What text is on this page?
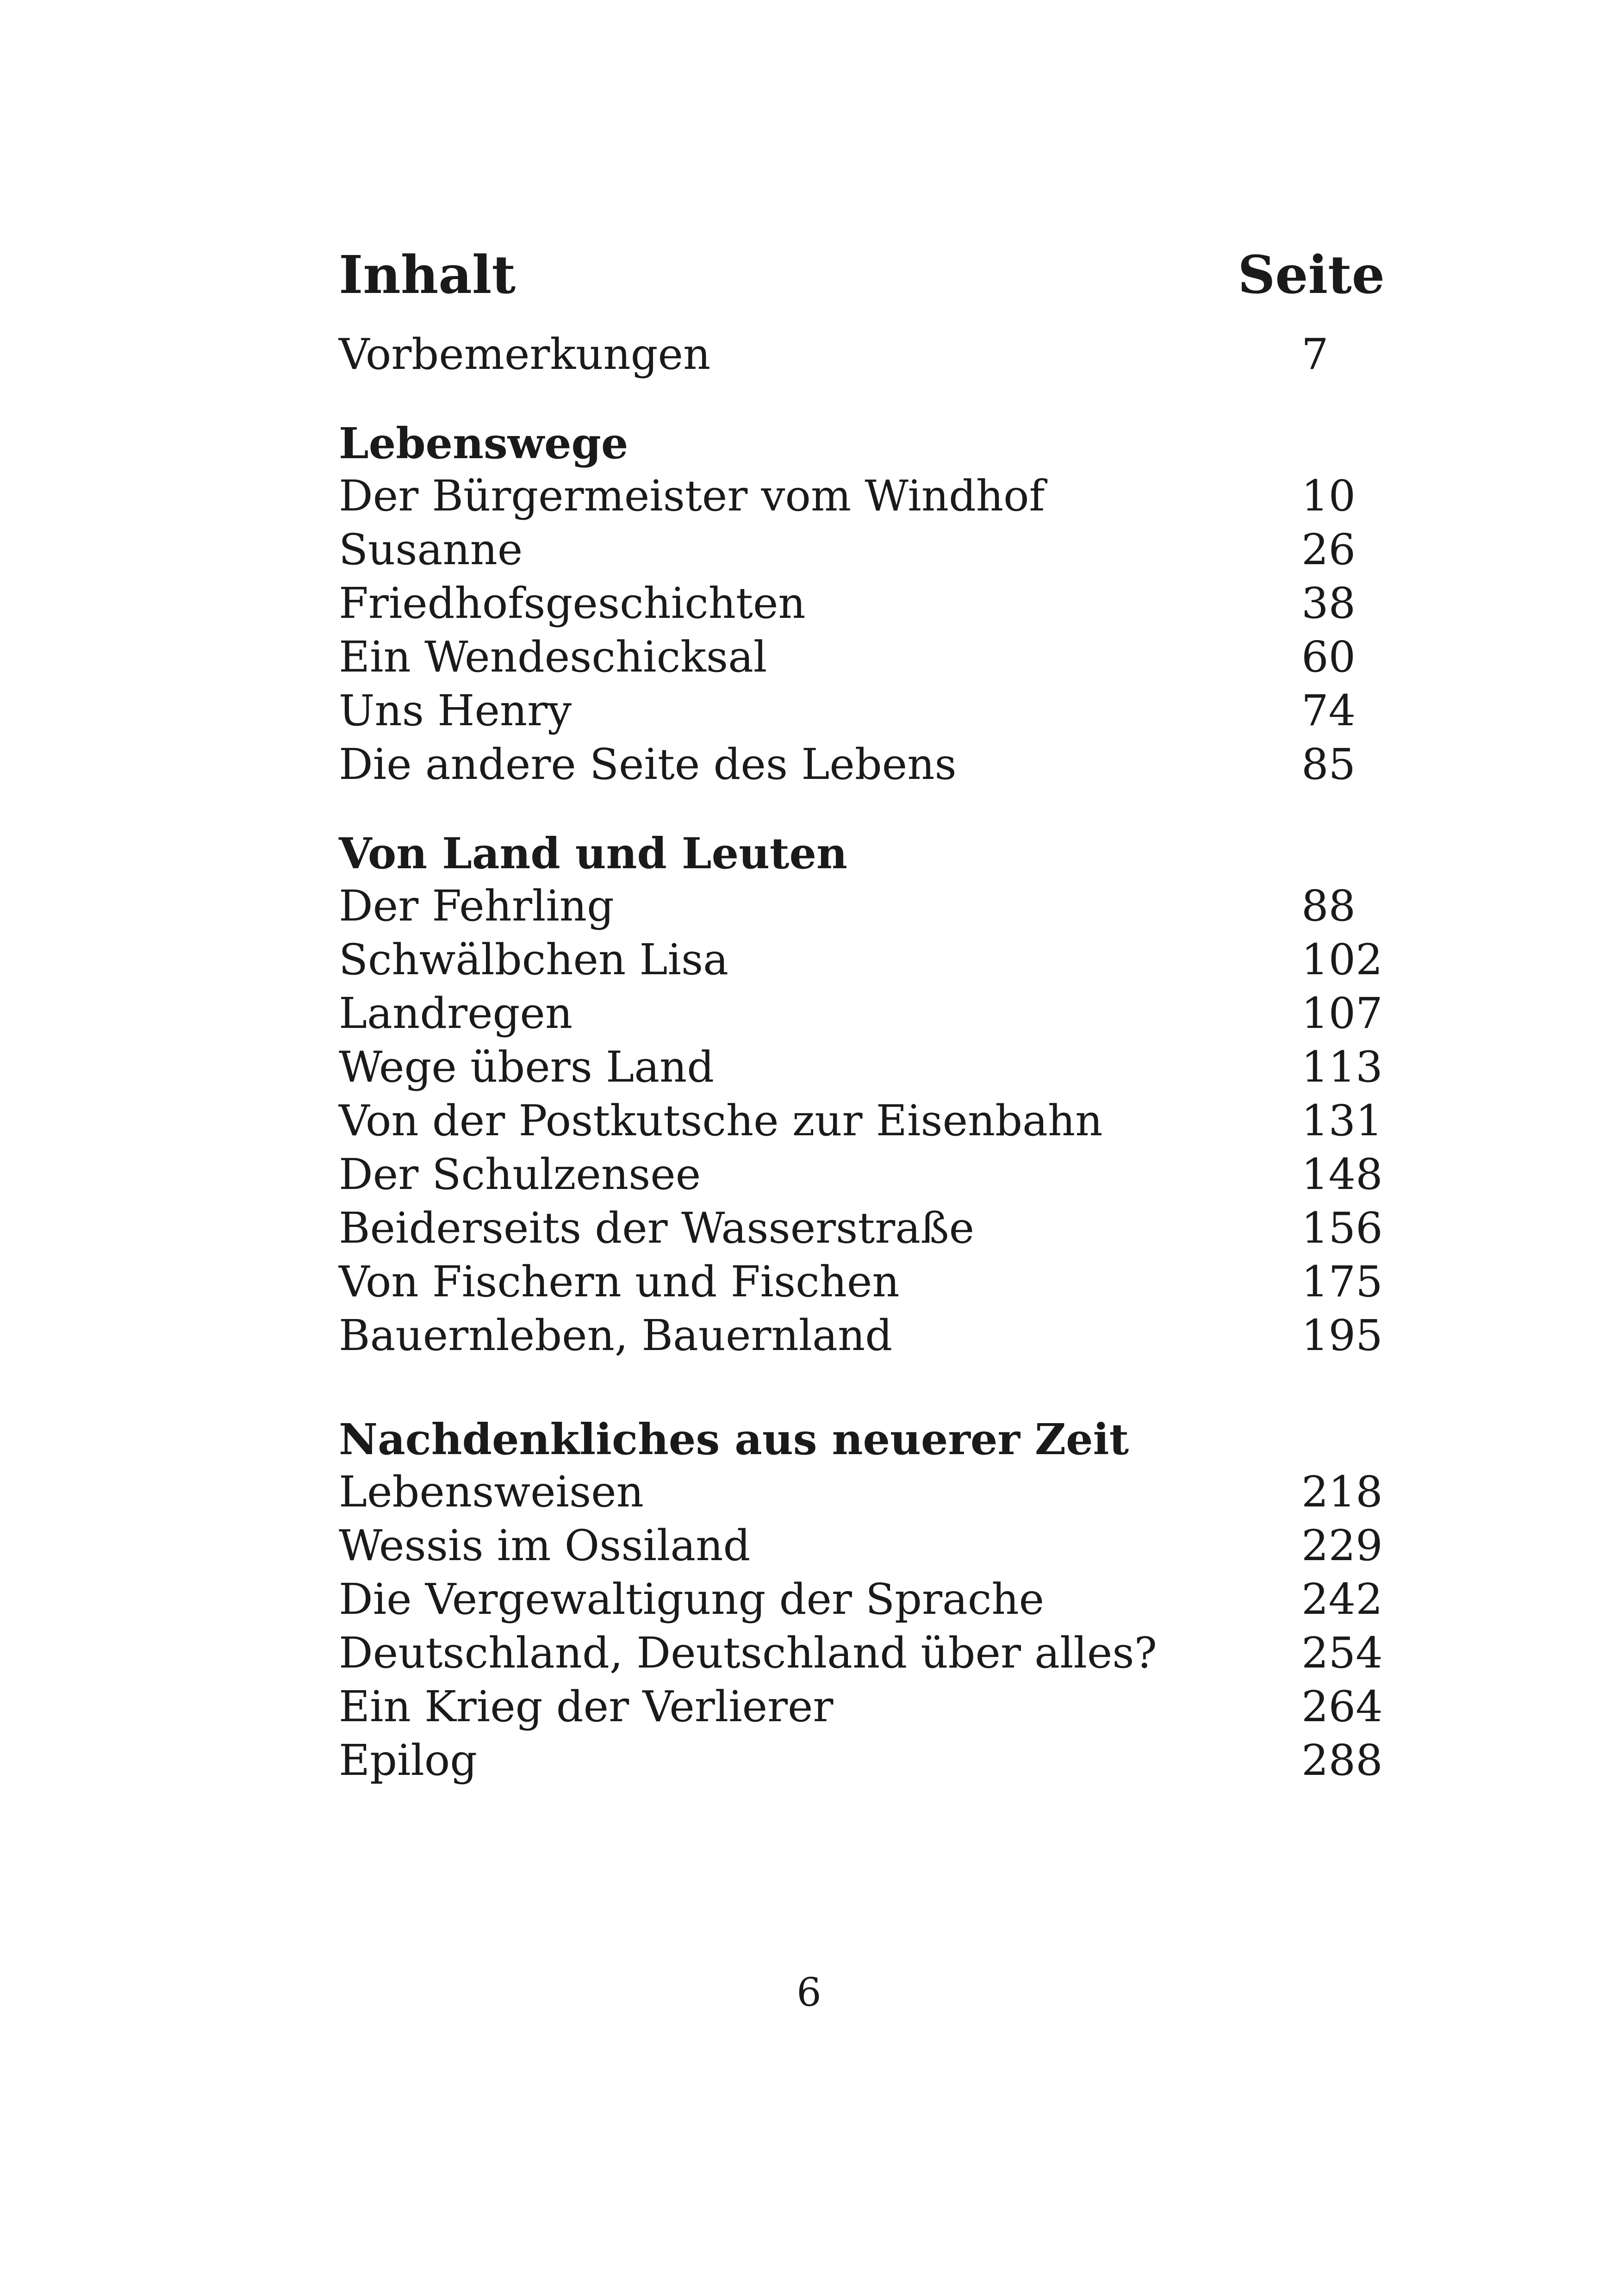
Inhalt	Seite
Vorbemerkungen	7
Lebenswege
Der Bürgermeister vom Windhof	10
Susanne	26
Friedhofsgeschichten	38
Ein Wendeschicksal	60
Uns Henry	74
Die andere Seite des Lebens	85
Von Land und Leuten
Der Fehrling	88
Schwälbchen Lisa	102
Landregen	107
Wege übers Land	113
Von der Postkutsche zur Eisenbahn	131
Der Schulzensee	148
Beiderseits der Wasserstraße	156
Von Fischern und Fischen	175
Bauernleben, Bauernland	195
Nachdenkliches aus neuerer Zeit
Lebensweisen	218
Wessis im Ossiland	229
Die Vergewaltigung der Sprache	242
Deutschland, Deutschland über alles?	254
Ein Krieg der Verlierer	264
Epilog	288
6
